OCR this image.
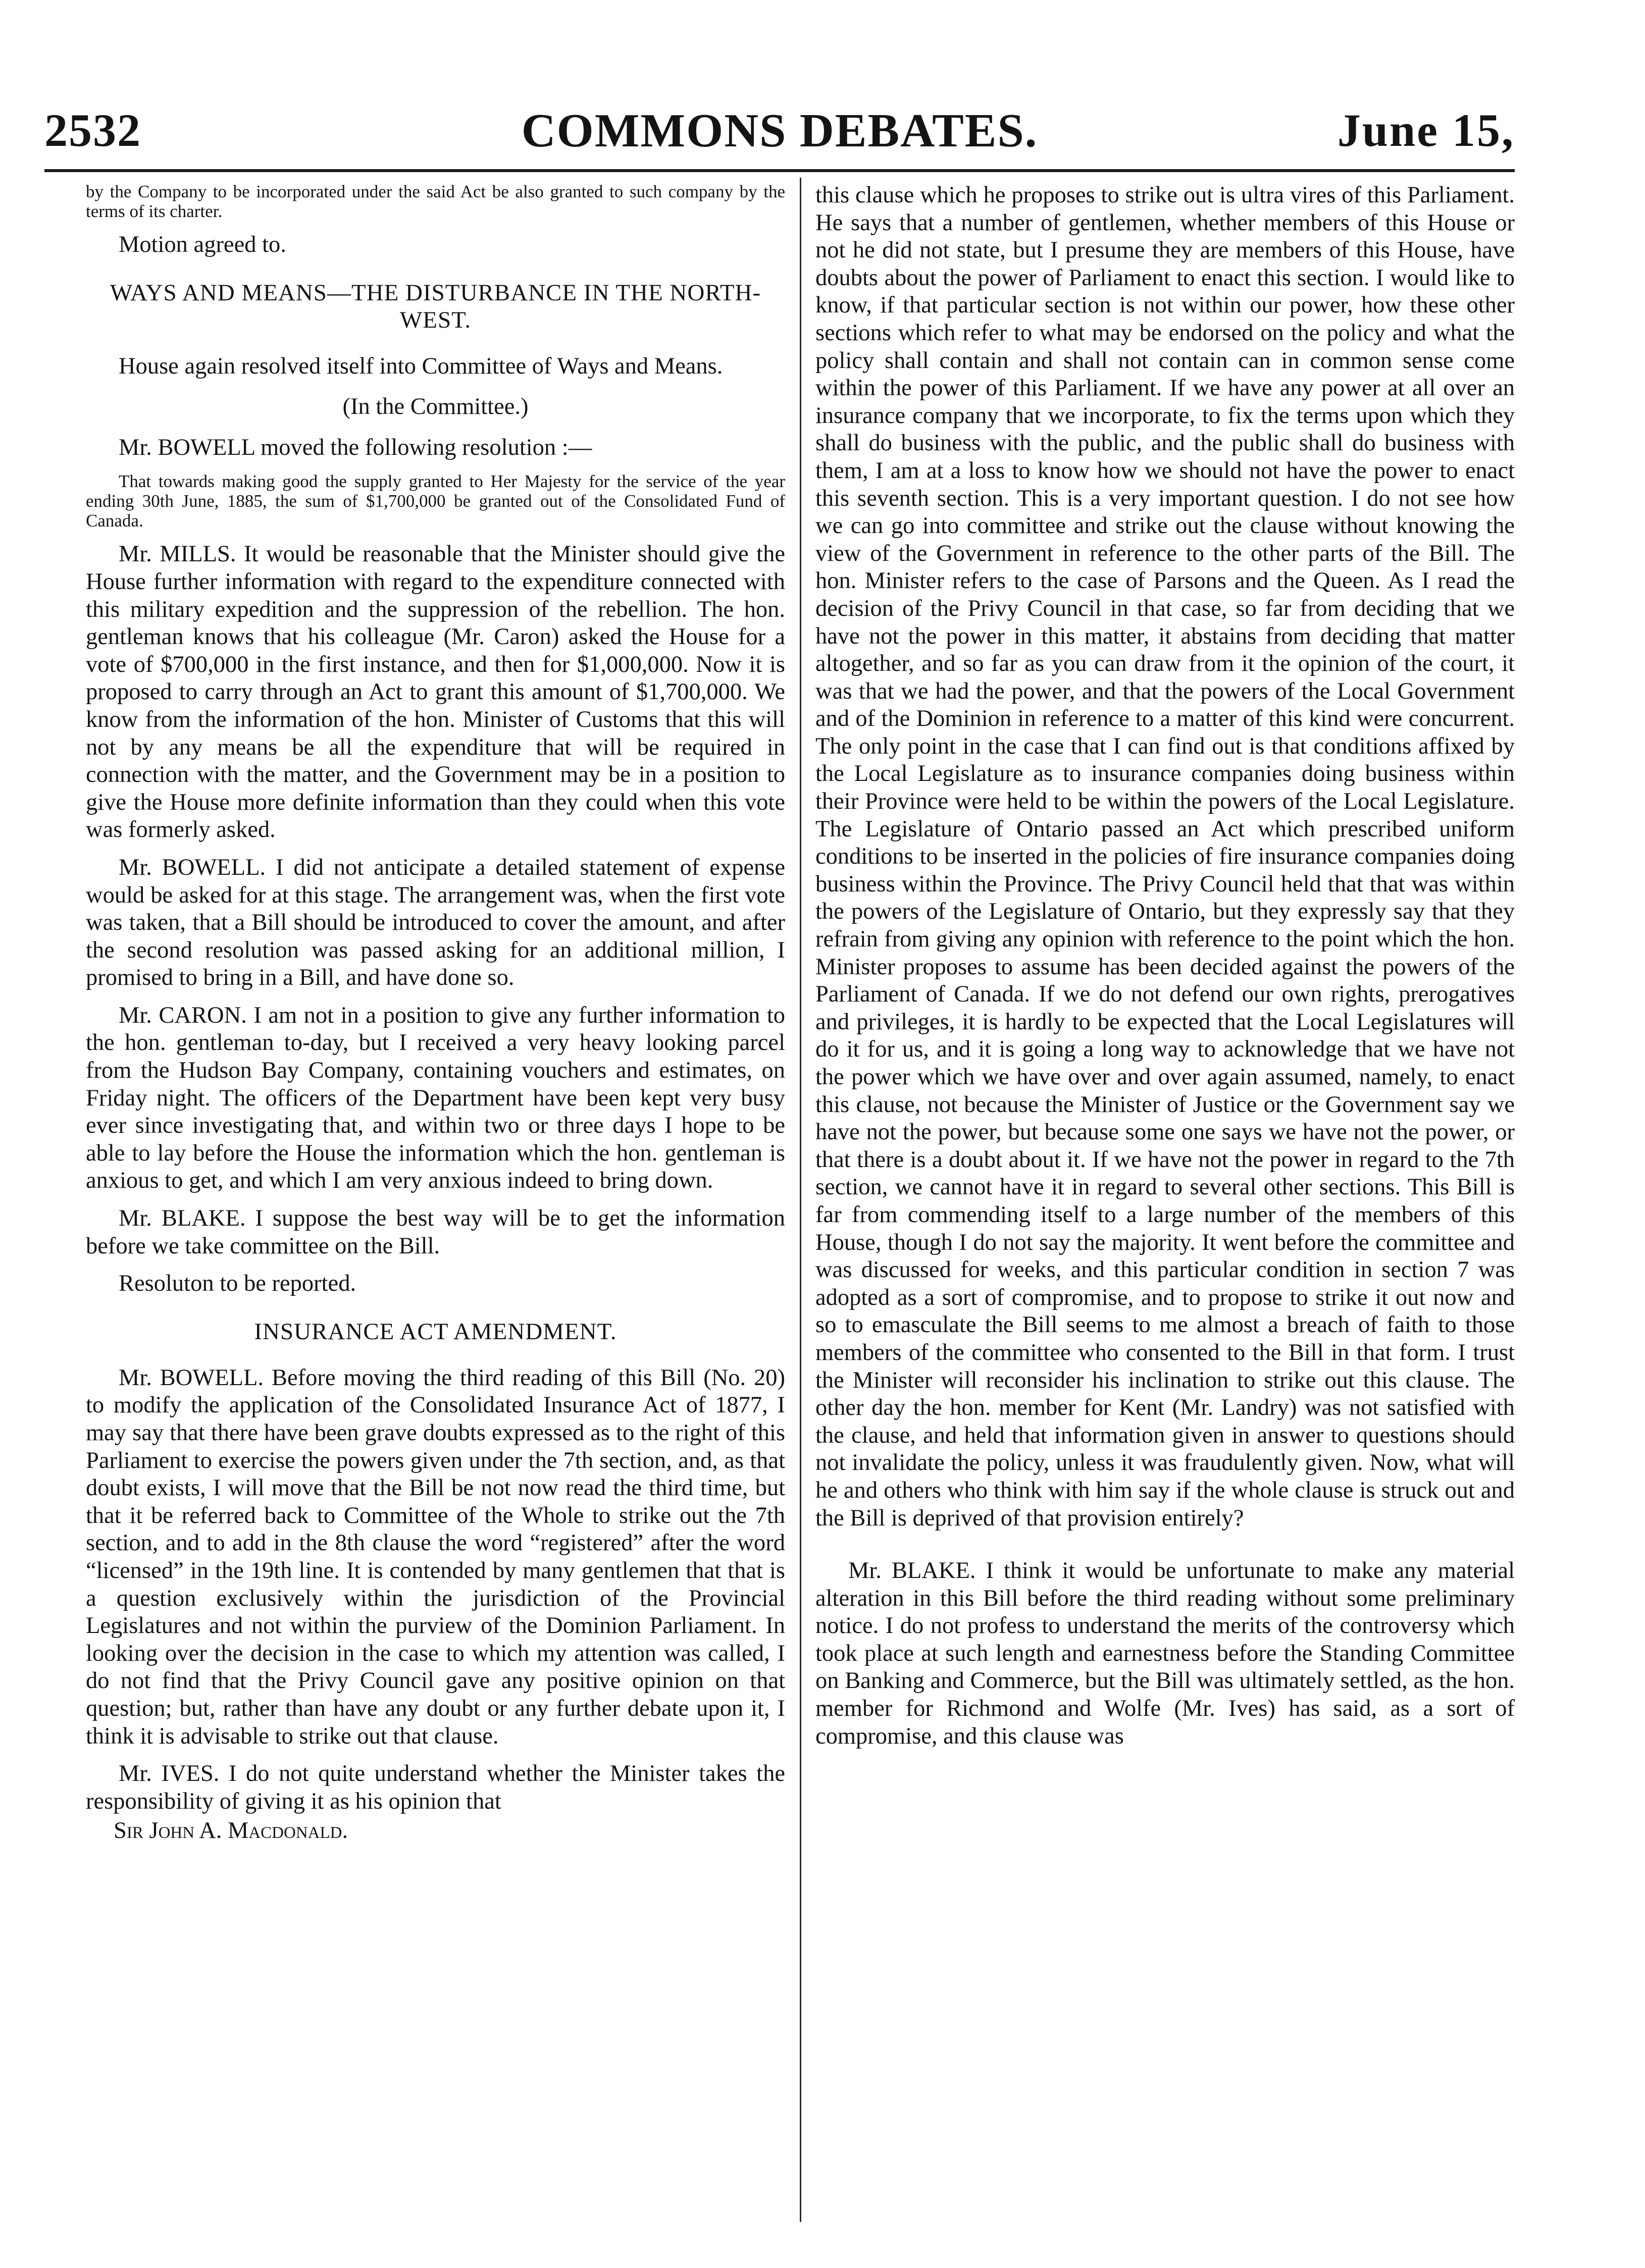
2532	COMMONS DEBATES.	June 15,

by the Company to be incorporated under the said Act be also granted to such company by the terms of its charter.

Motion agreed to.

WAYS AND MEANS—THE DISTURBANCE IN THE NORTH-WEST.

House again resolved itself into Committee of Ways and Means.

(In the Committee.)

Mr. BOWELL moved the following resolution :—

That towards making good the supply granted to Her Majesty for the service of the year ending 30th June, 1885, the sum of $1,700,000 be granted out of the Consolidated Fund of Canada.

Mr. MILLS. It would be reasonable that the Minister should give the House further information with regard to the expenditure connected with this military expedition and the suppression of the rebellion. The hon. gentleman knows that his colleague (Mr. Caron) asked the House for a vote of $700,000 in the first instance, and then for $1,000,000. Now it is proposed to carry through an Act to grant this amount of $1,700,000. We know from the information of the hon. Minister of Customs that this will not by any means be all the expenditure that will be required in connection with the matter, and the Government may be in a position to give the House more definite information than they could when this vote was formerly asked.

Mr. BOWELL. I did not anticipate a detailed statement of expense would be asked for at this stage. The arrangement was, when the first vote was taken, that a Bill should be introduced to cover the amount, and after the second resolution was passed asking for an additional million, I promised to bring in a Bill, and have done so.

Mr. CARON. I am not in a position to give any further information to the hon. gentleman to-day, but I received a very heavy looking parcel from the Hudson Bay Company, containing vouchers and estimates, on Friday night. The officers of the Department have been kept very busy ever since investigating that, and within two or three days I hope to be able to lay before the House the information which the hon. gentleman is anxious to get, and which I am very anxious indeed to bring down.

Mr. BLAKE. I suppose the best way will be to get the information before we take committee on the Bill.

Resoluton to be reported.

INSURANCE ACT AMENDMENT.

Mr. BOWELL. Before moving the third reading of this Bill (No. 20) to modify the application of the Consolidated Insurance Act of 1877, I may say that there have been grave doubts expressed as to the right of this Parliament to exercise the powers given under the 7th section, and, as that doubt exists, I will move that the Bill be not now read the third time, but that it be referred back to Committee of the Whole to strike out the 7th section, and to add in the 8th clause the word “registered” after the word “licensed” in the 19th line. It is contended by many gentlemen that that is a question exclusively within the jurisdiction of the Provincial Legislatures and not within the purview of the Dominion Parliament. In looking over the decision in the case to which my attention was called, I do not find that the Privy Council gave any positive opinion on that question; but, rather than have any doubt or any further debate upon it, I think it is advisable to strike out that clause.

Mr. IVES. I do not quite understand whether the Minister takes the responsibility of giving it as his opinion that

Sir John A. Macdonald.

this clause which he proposes to strike out is ultra vires of this Parliament. He says that a number of gentlemen, whether members of this House or not he did not state, but I presume they are members of this House, have doubts about the power of Parliament to enact this section. I would like to know, if that particular section is not within our power, how these other sections which refer to what may be endorsed on the policy and what the policy shall contain and shall not contain can in common sense come within the power of this Parliament. If we have any power at all over an insurance company that we incorporate, to fix the terms upon which they shall do business with the public, and the public shall do business with them, I am at a loss to know how we should not have the power to enact this seventh section. This is a very important question. I do not see how we can go into committee and strike out the clause without knowing the view of the Government in reference to the other parts of the Bill. The hon. Minister refers to the case of Parsons and the Queen. As I read the decision of the Privy Council in that case, so far from deciding that we have not the power in this matter, it abstains from deciding that matter altogether, and so far as you can draw from it the opinion of the court, it was that we had the power, and that the powers of the Local Government and of the Dominion in reference to a matter of this kind were concurrent. The only point in the case that I can find out is that conditions affixed by the Local Legislature as to insurance companies doing business within their Province were held to be within the powers of the Local Legislature. The Legislature of Ontario passed an Act which prescribed uniform conditions to be inserted in the policies of fire insurance companies doing business within the Province. The Privy Council held that that was within the powers of the Legislature of Ontario, but they expressly say that they refrain from giving any opinion with reference to the point which the hon. Minister proposes to assume has been decided against the powers of the Parliament of Canada. If we do not defend our own rights, prerogatives and privileges, it is hardly to be expected that the Local Legislatures will do it for us, and it is going a long way to acknowledge that we have not the power which we have over and over again assumed, namely, to enact this clause, not because the Minister of Justice or the Government say we have not the power, but because some one says we have not the power, or that there is a doubt about it. If we have not the power in regard to the 7th section, we cannot have it in regard to several other sections. This Bill is far from commending itself to a large number of the members of this House, though I do not say the majority. It went before the committee and was discussed for weeks, and this particular condition in section 7 was adopted as a sort of compromise, and to propose to strike it out now and so to emasculate the Bill seems to me almost a breach of faith to those members of the committee who consented to the Bill in that form. I trust the Minister will reconsider his inclination to strike out this clause. The other day the hon. member for Kent (Mr. Landry) was not satisfied with the clause, and held that information given in answer to questions should not invalidate the policy, unless it was fraudulently given. Now, what will he and others who think with him say if the whole clause is struck out and the Bill is deprived of that provision entirely?

Mr. BLAKE. I think it would be unfortunate to make any material alteration in this Bill before the third reading without some preliminary notice. I do not profess to understand the merits of the controversy which took place at such length and earnestness before the Standing Committee on Banking and Commerce, but the Bill was ultimately settled, as the hon. member for Richmond and Wolfe (Mr. Ives) has said, as a sort of compromise, and this clause was
